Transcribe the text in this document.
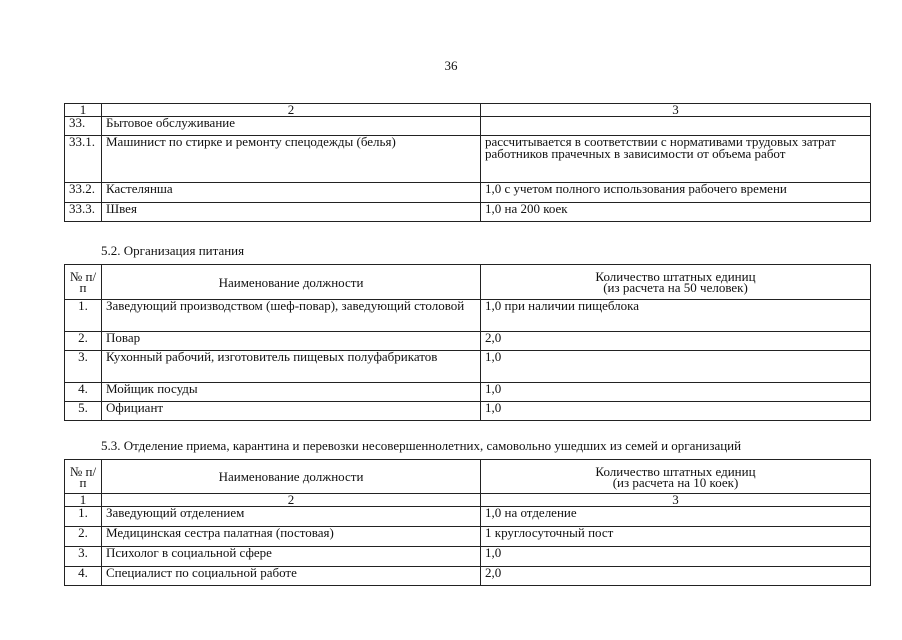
36
1	2	3
33.	Бытовое обслуживание	
33.1.	Машинист по стирке и ремонту спецодежды (белья)	рассчитывается в соответствии с нормативами трудовых затрат работников прачечных в зависимости от объема работ
33.2.	Кастелянша	1,0 с учетом полного использования рабочего времени
33.3.	Швея	1,0 на 200 коек
5.2. Организация питания
№ п/п	Наименование должности	Количество штатных единиц
(из расчета на 50 человек)

1.	Заведующий производством (шеф-повар), заведующий столовой	1,0 при наличии пищеблока
2.	Повар	2,0
3.	Кухонный рабочий, изготовитель пищевых полуфабрикатов	1,0
4.	Мойщик посуды	1,0
5.	Официант	1,0
5.3. Отделение приема, карантина и перевозки несовершеннолетних, самовольно ушедших из семей и организаций
№ п/п	Наименование должности	Количество штатных единиц
(из расчета на 10 коек)

1	2	3
1.	Заведующий отделением	1,0 на отделение
2.	Медицинская сестра палатная (постовая)	1 круглосуточный пост
3.	Психолог в социальной сфере	1,0
4.	Специалист по социальной работе	2,0
